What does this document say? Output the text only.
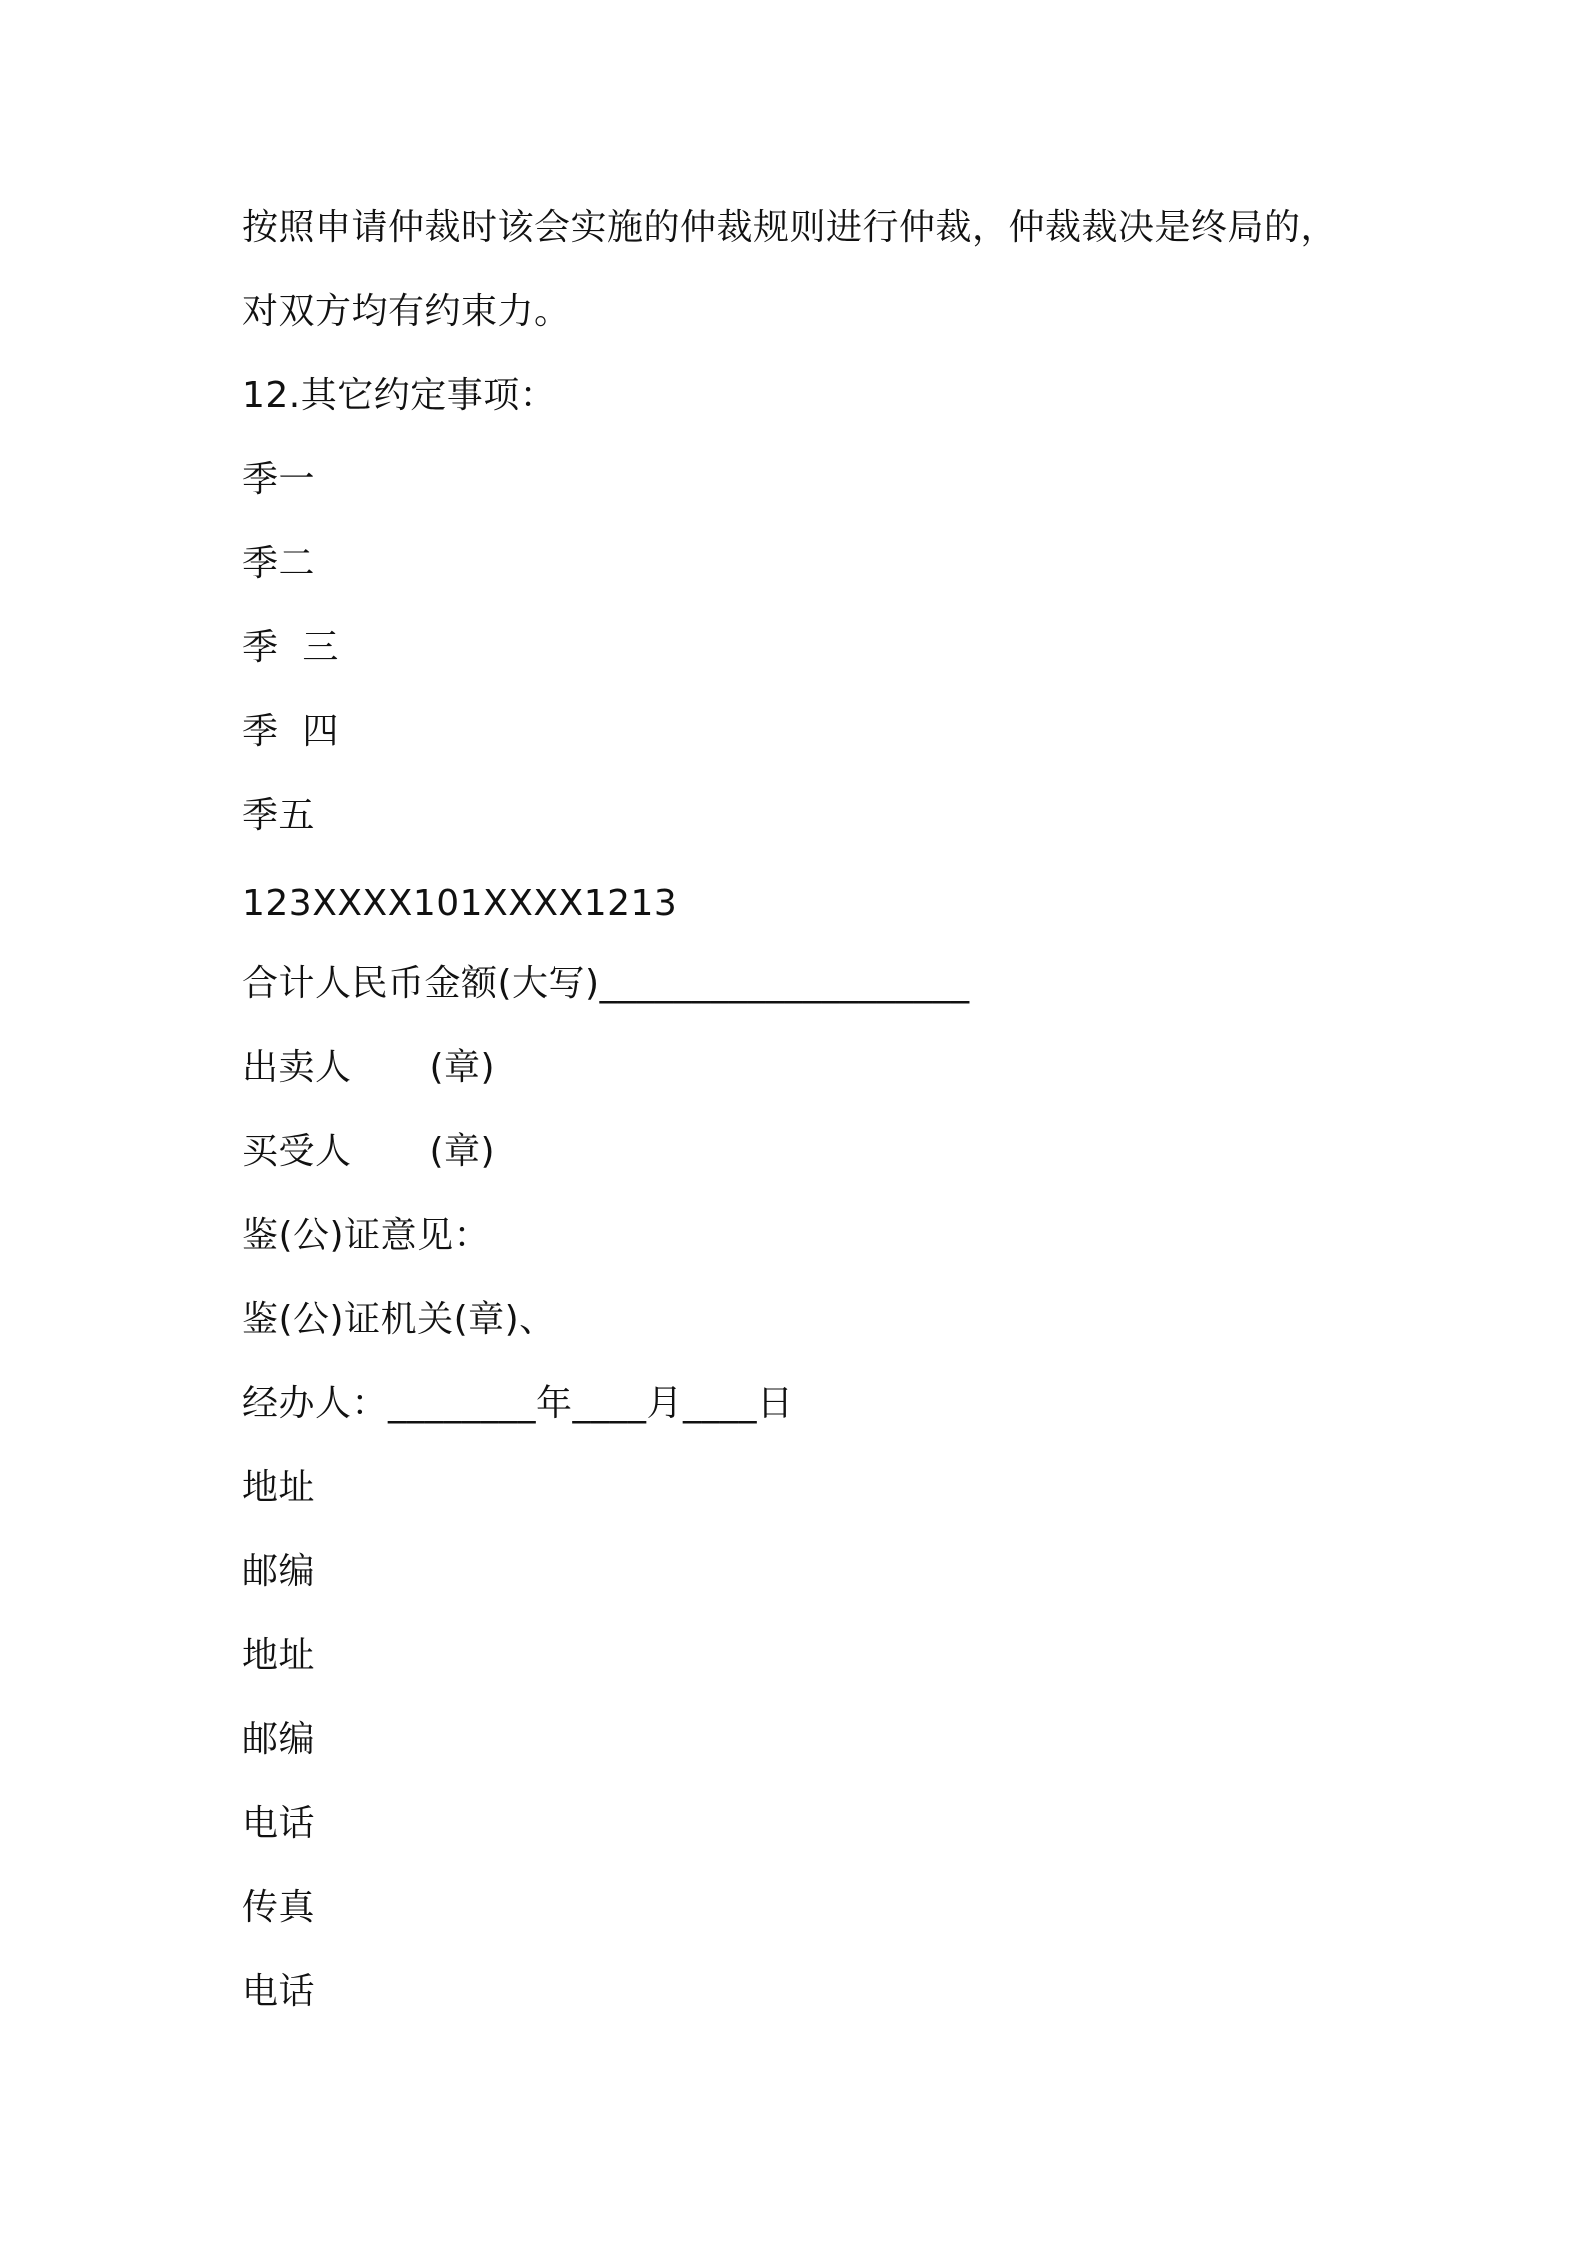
按照申请仲裁时该会实施的仲裁规则进行仲裁，仲裁裁决是终局的，
对双方均有约束力。
12.其它约定事项：
季一
季二
季  三
季  四
季五
123XXXX101XXXX1213
合计人民币金额(大写)____________________
出卖人 (章)
买受人 (章)
鉴(公)证意见：
鉴(公)证机关(章)、
经办人：________年____月____日
地址
邮编
地址
邮编
电话
传真
电话
